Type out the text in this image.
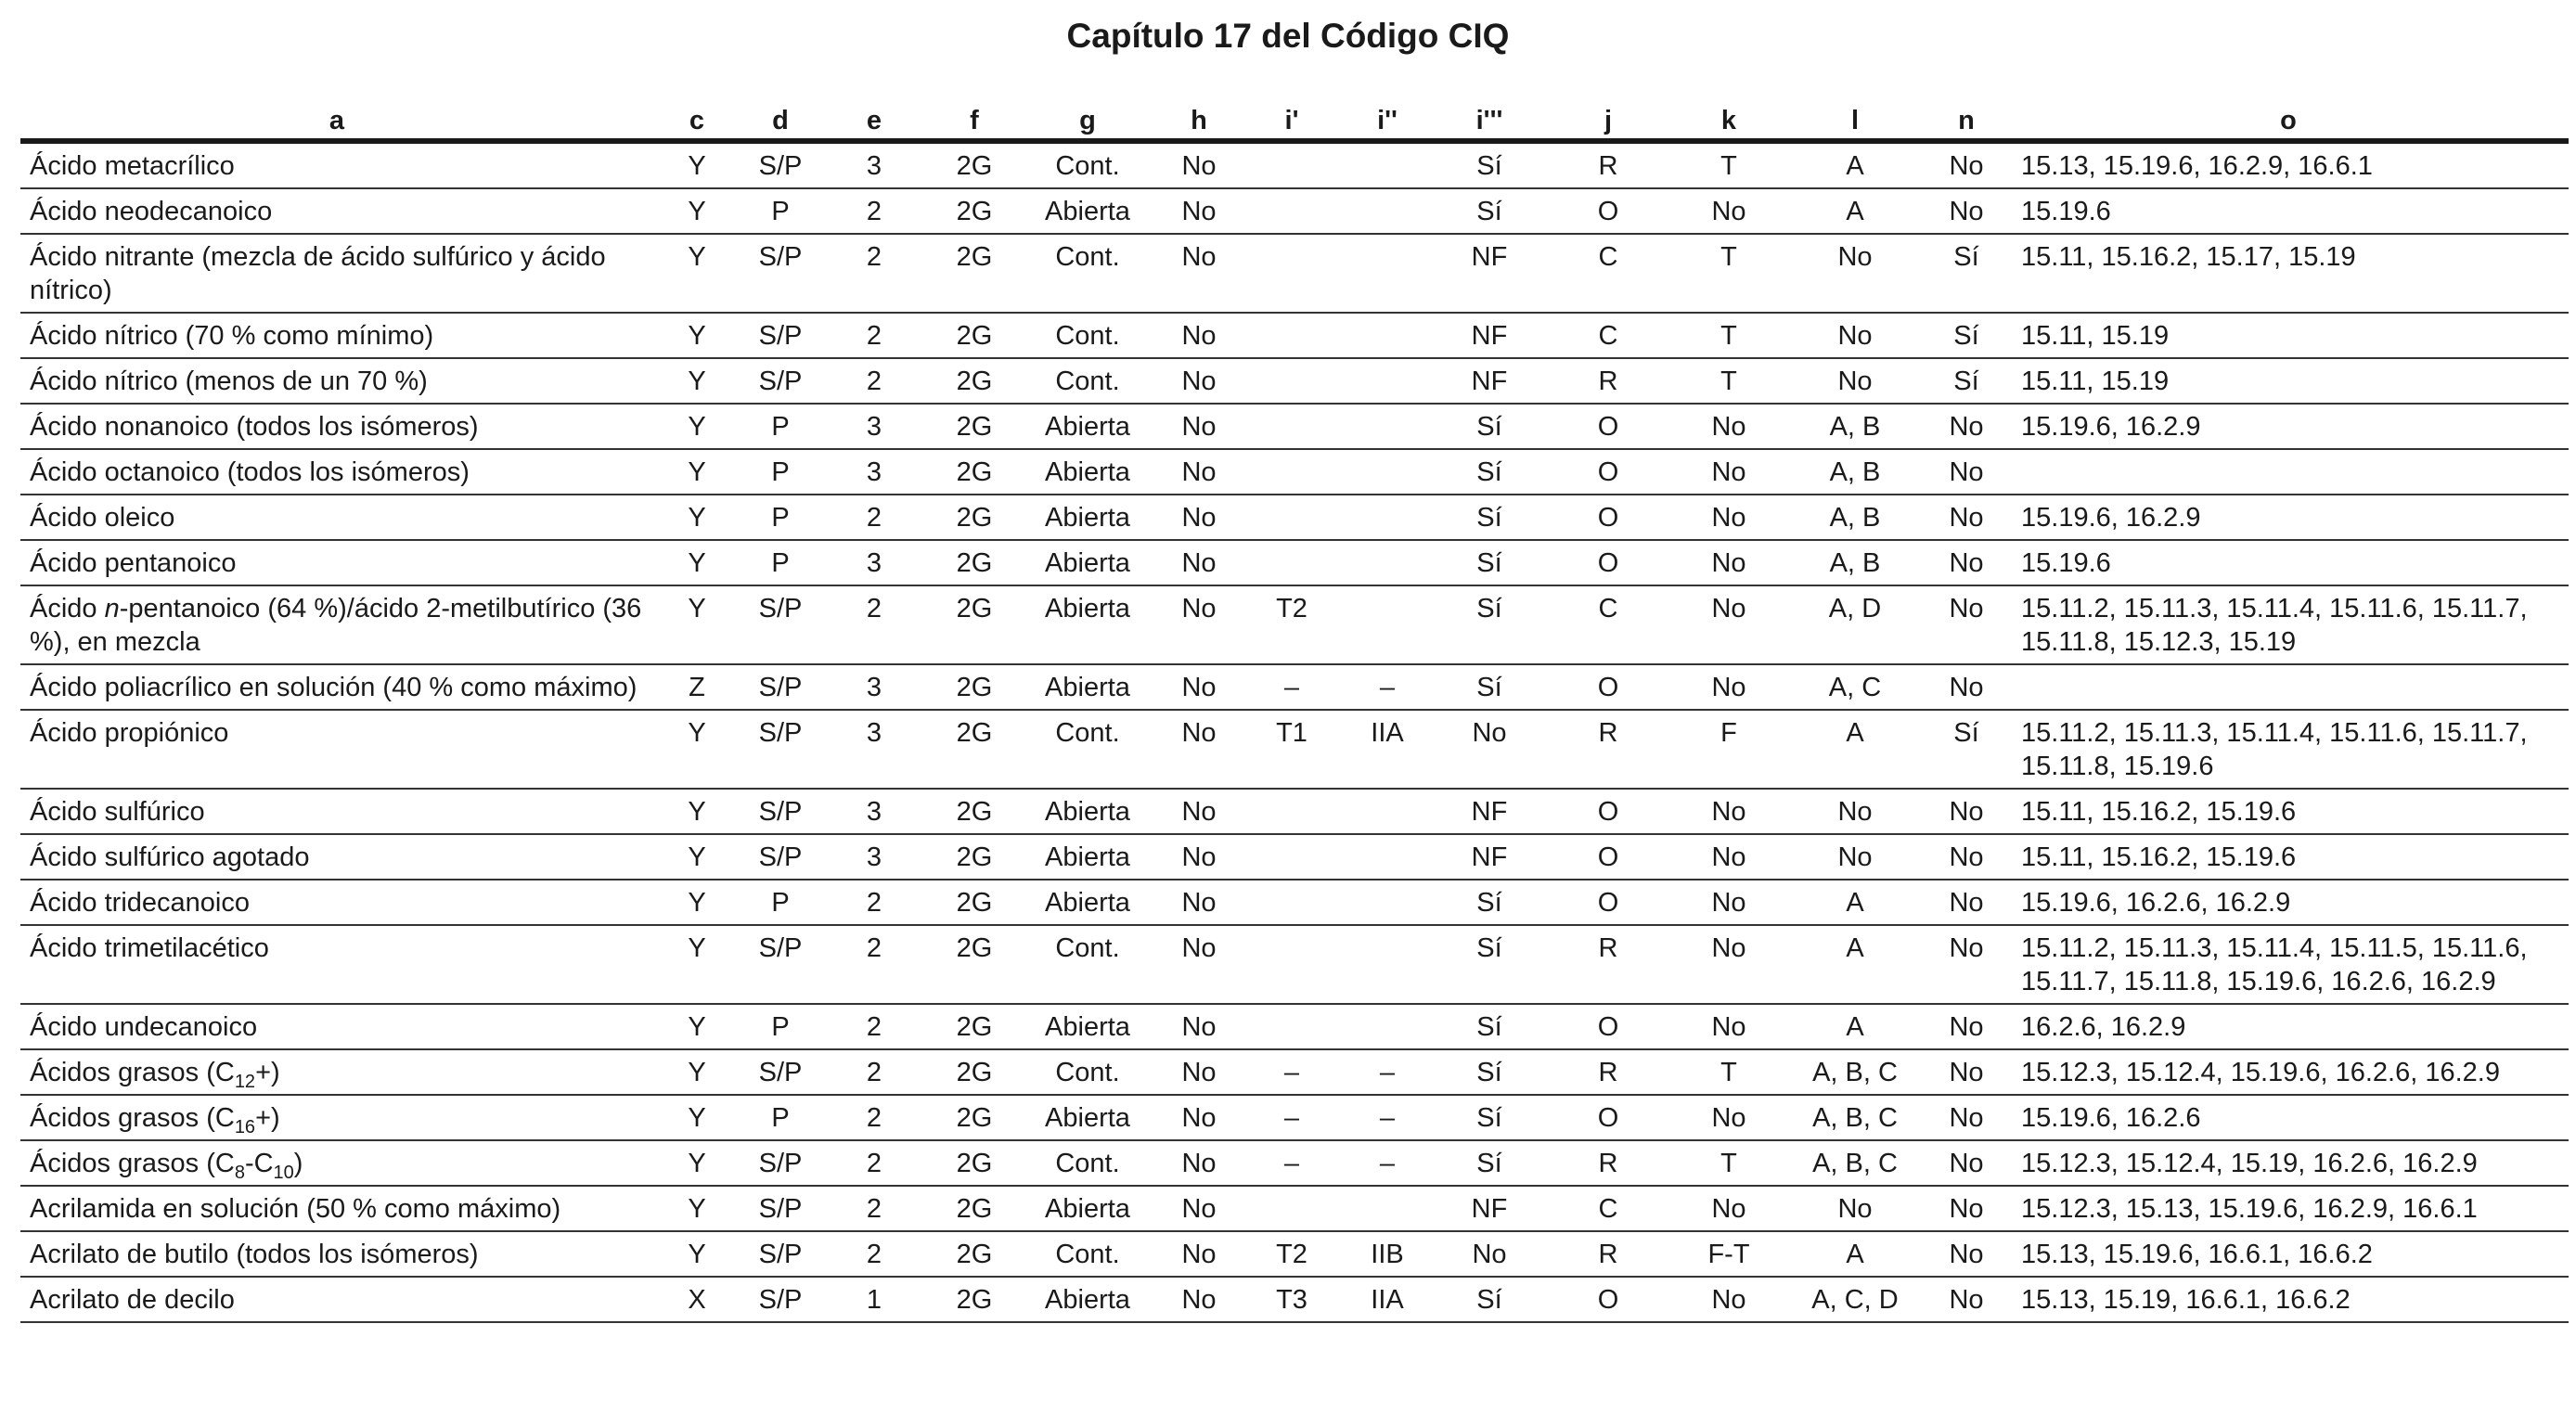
Capítulo 17 del Código CIQ
a	c	d	e	f	g	h	i'	i''	i'''	j	k	l	n	o
Ácido metacrílico	Y	S/P	3	2G	Cont.	No			Sí	R	T	A	No	15.13, 15.19.6, 16.2.9, 16.6.1
Ácido neodecanoico	Y	P	2	2G	Abierta	No			Sí	O	No	A	No	15.19.6
Ácido nitrante (mezcla de ácido sulfúrico y ácido nítrico)	Y	S/P	2	2G	Cont.	No			NF	C	T	No	Sí	15.11, 15.16.2, 15.17, 15.19
Ácido nítrico (70 % como mínimo)	Y	S/P	2	2G	Cont.	No			NF	C	T	No	Sí	15.11, 15.19
Ácido nítrico (menos de un 70 %)	Y	S/P	2	2G	Cont.	No			NF	R	T	No	Sí	15.11, 15.19
Ácido nonanoico (todos los isómeros)	Y	P	3	2G	Abierta	No			Sí	O	No	A, B	No	15.19.6, 16.2.9
Ácido octanoico (todos los isómeros)	Y	P	3	2G	Abierta	No			Sí	O	No	A, B	No	
Ácido oleico	Y	P	2	2G	Abierta	No			Sí	O	No	A, B	No	15.19.6, 16.2.9
Ácido pentanoico	Y	P	3	2G	Abierta	No			Sí	O	No	A, B	No	15.19.6
Ácido n-pentanoico (64 %)/ácido 2-metilbutírico (36 %), en mezcla	Y	S/P	2	2G	Abierta	No	T2		Sí	C	No	A, D	No	15.11.2, 15.11.3, 15.11.4, 15.11.6, 15.11.7, 15.11.8, 15.12.3, 15.19
Ácido poliacrílico en solución (40 % como máximo)	Z	S/P	3	2G	Abierta	No	–	–	Sí	O	No	A, C	No	
Ácido propiónico	Y	S/P	3	2G	Cont.	No	T1	IIA	No	R	F	A	Sí	15.11.2, 15.11.3, 15.11.4, 15.11.6, 15.11.7, 15.11.8, 15.19.6
Ácido sulfúrico	Y	S/P	3	2G	Abierta	No			NF	O	No	No	No	15.11, 15.16.2, 15.19.6
Ácido sulfúrico agotado	Y	S/P	3	2G	Abierta	No			NF	O	No	No	No	15.11, 15.16.2, 15.19.6
Ácido tridecanoico	Y	P	2	2G	Abierta	No			Sí	O	No	A	No	15.19.6, 16.2.6, 16.2.9
Ácido trimetilacético	Y	S/P	2	2G	Cont.	No			Sí	R	No	A	No	15.11.2, 15.11.3, 15.11.4, 15.11.5, 15.11.6, 15.11.7, 15.11.8, 15.19.6, 16.2.6, 16.2.9
Ácido undecanoico	Y	P	2	2G	Abierta	No			Sí	O	No	A	No	16.2.6, 16.2.9
Ácidos grasos $(C_{12}+)$	Y	S/P	2	2G	Cont.	No	–	–	Sí	R	T	A, B, C	No	15.12.3, 15.12.4, 15.19.6, 16.2.6, 16.2.9
Ácidos grasos $(C_{16}+)$	Y	P	2	2G	Abierta	No	–	–	Sí	O	No	A, B, C	No	15.19.6, 16.2.6
Ácidos grasos $(C_8-C_{10})$	Y	S/P	2	2G	Cont.	No	–	–	Sí	R	T	A, B, C	No	15.12.3, 15.12.4, 15.19, 16.2.6, 16.2.9
Acrilamida en solución (50 % como máximo)	Y	S/P	2	2G	Abierta	No			NF	C	No	No	No	15.12.3, 15.13, 15.19.6, 16.2.9, 16.6.1
Acrilato de butilo (todos los isómeros)	Y	S/P	2	2G	Cont.	No	T2	IIB	No	R	F-T	A	No	15.13, 15.19.6, 16.6.1, 16.6.2
Acrilato de decilo	X	S/P	1	2G	Abierta	No	T3	IIA	Sí	O	No	A, C, D	No	15.13, 15.19, 16.6.1, 16.6.2
